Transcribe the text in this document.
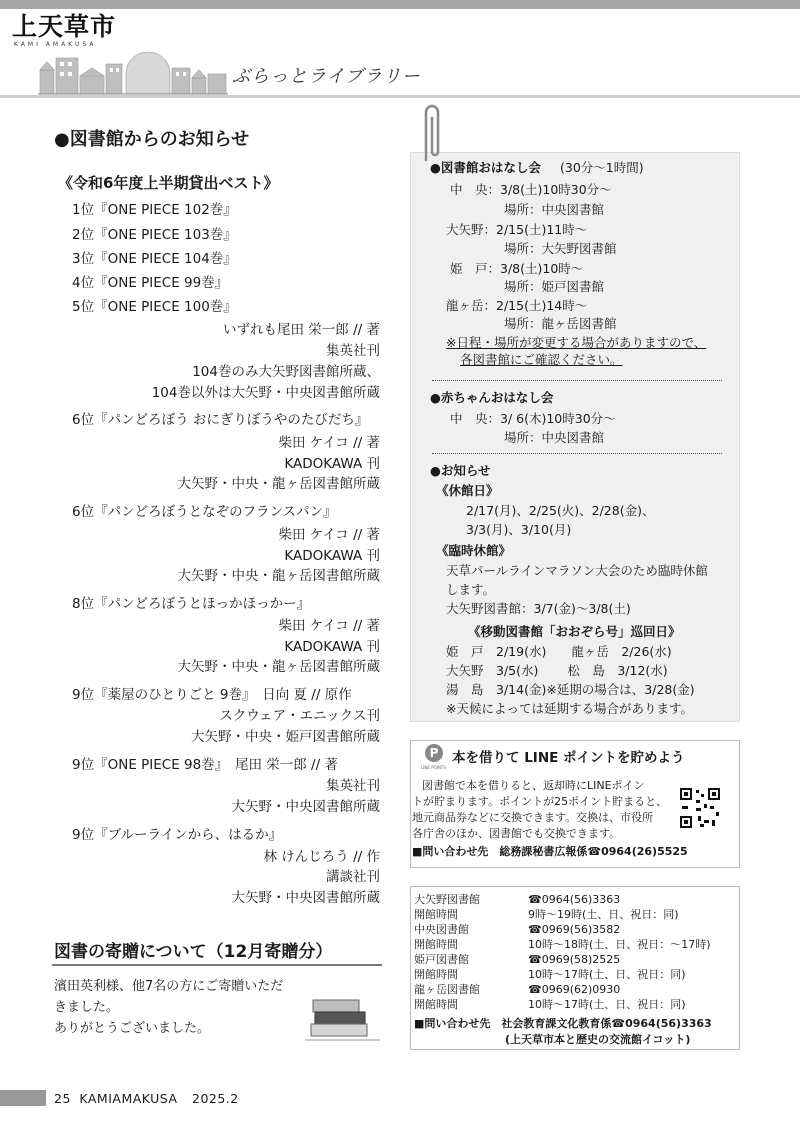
上天草市
KAMI AMAKUSA
ぶらっとライブラリー
●図書館からのお知らせ
《令和6年度上半期貸出ベスト》
1位『ONE PIECE 102巻』
2位『ONE PIECE 103巻』
3位『ONE PIECE 104巻』
4位『ONE PIECE 99巻』
5位『ONE PIECE 100巻』
いずれも尾田 栄一郎 // 著
集英社刊
104巻のみ大矢野図書館所蔵、
104巻以外は大矢野・中央図書館所蔵
6位『パンどろぼう おにぎりぼうやのたびだち』
柴田 ケイコ // 著
KADOKAWA 刊
大矢野・中央・龍ヶ岳図書館所蔵
6位『パンどろぼうとなぞのフランスパン』
柴田 ケイコ // 著
KADOKAWA 刊
大矢野・中央・龍ヶ岳図書館所蔵
8位『パンどろぼうとほっかほっかー』
柴田 ケイコ // 著
KADOKAWA 刊
大矢野・中央・龍ヶ岳図書館所蔵
9位『薬屋のひとりごと 9巻』　日向 夏 // 原作
スクウェア・エニックス刊
大矢野・中央・姫戸図書館所蔵
9位『ONE PIECE 98巻』　尾田 栄一郎 // 著
集英社刊
大矢野・中央図書館所蔵
9位『ブルーラインから、はるか』
林 けんじろう // 作
講談社刊
大矢野・中央図書館所蔵
図書の寄贈について（12月寄贈分）
濱田英利様、他7名の方にご寄贈いただ
きました。
ありがとうございました。
●図書館おはなし会 (30分〜1時間)
中　央：3/8(土)10時30分〜
場所：中央図書館
大矢野：2/15(土)11時〜
場所：大矢野図書館
姫　戸：3/8(土)10時〜
場所：姫戸図書館
龍ヶ岳：2/15(土)14時〜
場所：龍ヶ岳図書館
※日程・場所が変更する場合がありますので、
各図書館にご確認ください。
●赤ちゃんおはなし会
中　央：3/ 6(木)10時30分〜
場所：中央図書館
●お知らせ
《休館日》
2/17(月)、2/25(火)、2/28(金)、
3/3(月)、3/10(月)
《臨時休館》
天草パールラインマラソン大会のため臨時休館
します。
大矢野図書館：3/7(金)〜3/8(土)
《移動図書館「おおぞら号」巡回日》
姫　戸　2/19(水)　　龍ヶ岳　2/26(水)
大矢野　3/5(水)　　 松　島　3/12(水)
湯　島　3/14(金)※延期の場合は、3/28(金)
※天候によっては延期する場合があります。
P
LINE POINTS
本を借りて LINE ポイントを貯めよう
図書館で本を借りると、返却時にLINEポイン
トが貯まります。ポイントが25ポイント貯まると、
地元商品券などに交換できます。交換は、市役所
各庁舎のほか、図書館でも交換できます。
■問い合わせ先　総務課秘書広報係☎0964(26)5525
大矢野図書館	☎0964(56)3363
開館時間	9時〜19時(土、日、祝日：同)
中央図書館	☎0969(56)3582
開館時間	10時〜18時(土、日、祝日：〜17時)
姫戸図書館	☎0969(58)2525
開館時間	10時〜17時(土、日、祝日：同)
龍ヶ岳図書館	☎0969(62)0930
開館時間	10時〜17時(土、日、祝日：同)
■問い合わせ先　社会教育課文化教育係☎0964(56)3363
(上天草市本と歴史の交流館イコット)
25 KAMIAMAKUSA 2025.2
